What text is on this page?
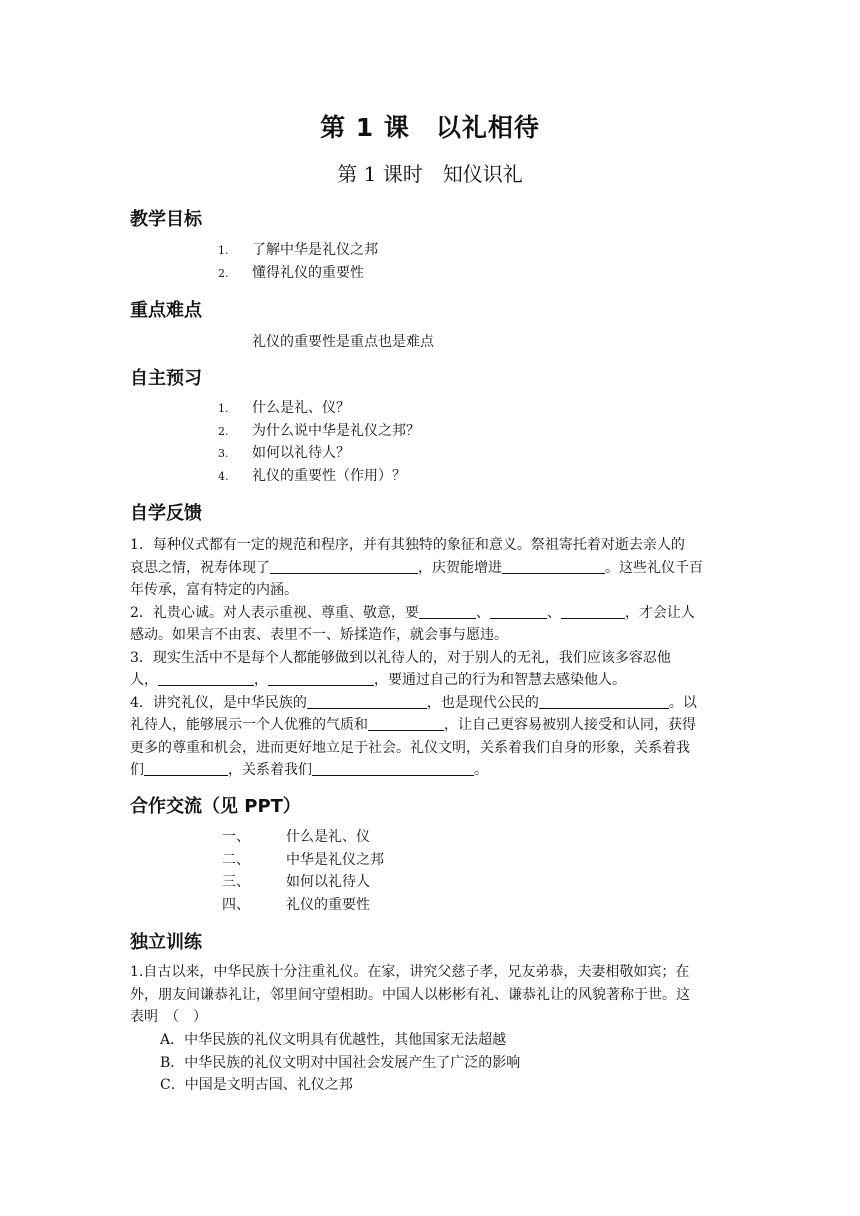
第 1 课　以礼相待
第 1 课时　知仪识礼
教学目标
1. 了解中华是礼仪之邦
2. 懂得礼仪的重要性
重点难点
礼仪的重要性是重点也是难点
自主预习
1. 什么是礼、仪？
2. 为什么说中华是礼仪之邦？
3. 如何以礼待人？
4. 礼仪的重要性（作用）？
自学反馈
1．每种仪式都有一定的规范和程序，并有其独特的象征和意义。祭祖寄托着对逝去亲人的
哀思之情，祝寿体现了	，庆贺能增进	。这些礼仪千百
年传承，富有特定的内涵。
2．礼贵心诚。对人表示重视、尊重、敬意，要	、	、	，才会让人
感动。如果言不由衷、表里不一、矫揉造作，就会事与愿违。
3．现实生活中不是每个人都能够做到以礼待人的，对于别人的无礼，我们应该多容忍他
人，	，	，要通过自己的行为和智慧去感染他人。
4．讲究礼仪，是中华民族的	，也是现代公民的	。以
礼待人，能够展示一个人优雅的气质和	，让自己更容易被别人接受和认同，获得
更多的尊重和机会，进而更好地立足于社会。礼仪文明，关系着我们自身的形象，关系着我
们	，关系着我们	。
合作交流（见 PPT）
一、	什么是礼、仪
二、	中华是礼仪之邦
三、	如何以礼待人
四、	礼仪的重要性
独立训练
1.自古以来，中华民族十分注重礼仪。在家，讲究父慈子孝，兄友弟恭，夫妻相敬如宾；在
外，朋友间谦恭礼让，邻里间守望相助。中国人以彬彬有礼、谦恭礼让的风貌著称于世。这
表明　（　）
A．中华民族的礼仪文明具有优越性，其他国家无法超越
B．中华民族的礼仪文明对中国社会发展产生了广泛的影响
C．中国是文明古国、礼仪之邦
